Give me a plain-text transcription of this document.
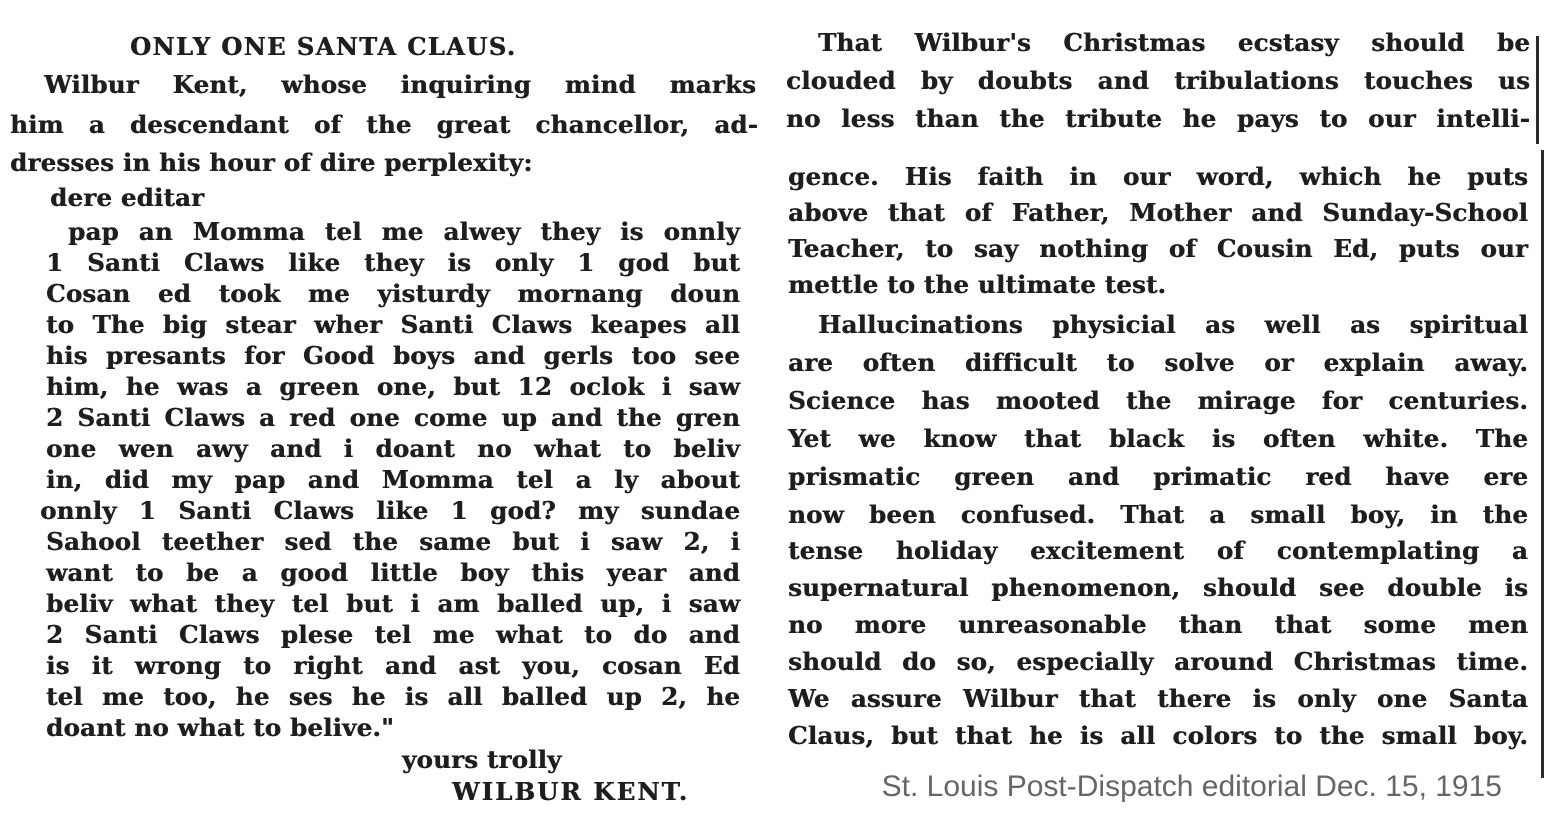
ONLY ONE SANTA CLAUS.
Wilbur Kent, whose inquiring mind marks
him a descendant of the great chancellor, ad-
dresses in his hour of dire perplexity:
dere editar
pap an Momma tel me alwey they is onnly
1 Santi Claws like they is only 1 god but
Cosan ed took me yisturdy mornang doun
to The big stear wher Santi Claws keapes all
his presants for Good boys and gerls too see
him, he was a green one, but 12 oclok i saw
2 Santi Claws a red one come up and the gren
one wen awy and i doant no what to beliv
in, did my pap and Momma tel a ly about
onnly 1 Santi Claws like 1 god? my sundae
Sahool teether sed the same but i saw 2, i
want to be a good little boy this year and
beliv what they tel but i am balled up, i saw
2 Santi Claws plese tel me what to do and
is it wrong to right and ast you, cosan Ed
tel me too, he ses he is all balled up 2, he
doant no what to belive."
yours trolly
WILBUR KENT.
That Wilbur's Christmas ecstasy should be
clouded by doubts and tribulations touches us
no less than the tribute he pays to our intelli-
gence. His faith in our word, which he puts
above that of Father, Mother and Sunday-School
Teacher, to say nothing of Cousin Ed, puts our
mettle to the ultimate test.
Hallucinations physicial as well as spiritual
are often difficult to solve or explain away.
Science has mooted the mirage for centuries.
Yet we know that black is often white. The
prismatic green and primatic red have ere
now been confused. That a small boy, in the
tense holiday excitement of contemplating a
supernatural phenomenon, should see double is
no more unreasonable than that some men
should do so, especially around Christmas time.
We assure Wilbur that there is only one Santa
Claus, but that he is all colors to the small boy.
St. Louis Post-Dispatch editorial Dec. 15, 1915
